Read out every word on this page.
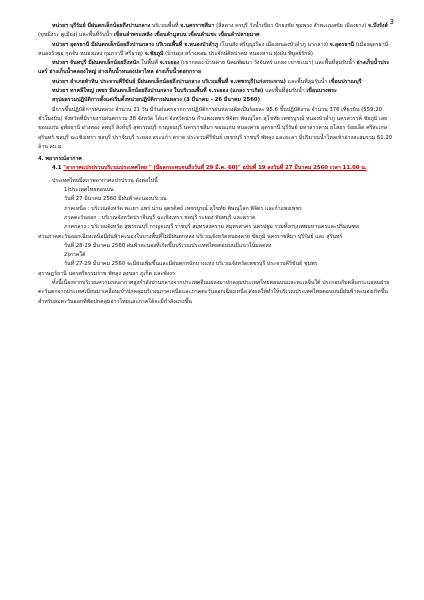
3

หน่วยฯ บุรีรัมย์ มีฝนตกเล็กน้อยถึงปานกลาง บริเวณพื้นที่ จ.นครราชสีมา (สีสลาง ครบุรี วังน้ำเขียว ปักธงชัย ชุมพวง สำพะแมสขัย เมืองยาง) จ.บึงรังส์ (ขุขมีงระ คูเมือง) และพื้นที่รับน้ำ เขื่อนลำพระเพลิง เขื่อนลำมูลบน เขื่อนลำแชะ เขื่อนลำปลายมาศ

หน่วยฯ อุดรธานี มีฝนตกเล็กน้อยถึงปานกลาง บริเวณพื้นที่ จ.หนองบัวลำภู (โนนสัง ศรีบุญเรือง เมืองหนองบัวลำภู นากลาง) จ.อุดรธานี (เมืองอุดรธานี หนองวัวซอ กุดจับ หนองแสง กุมภวาปี ศรีธาตุ) จ.ชัยภูมิ (บ้านดุง สร้างคอม ประจักษ์ศิลปาคม หนองหาน ทุ่งฝน พิบูลย์รักษ์)

หน่วยฯ จันทบุรี มีฝนตกเล็กน้อยถึงหนัก ในพื้นที่ จ.ระยอง (เขากลอง บ้านค่าย นิคมพัฒนา วังจันทร์ แกลง เขาชะเมา) และพื้นที่ลุ่มรับน้ำ อ่างเก็บน้ำประแสร์ อ่างเก็บน้ำคลองใหญ่ อ่างเก็บน้ำหนองปลาไหล อ่างเก็บน้ำดอกกราย

หน่วยฯ อำเภอหัวหิน ประจวบคีรีขันธ์ มีฝนตกเล็กน้อยถึงปานกลาง บริเวณพื้นที่ จ.เพชรบุรี(แก่งกระจาน) และพื้นที่ลุ่มรับน้ำ เขื่อนปราณบุรี

หน่วยฯ ทาคลีใหญ่ เพชร มีฝนตกเล็กน้อยถึงปานกลาง ในบริเวณพื้นที่ จ.ระยอง (แกลง ราเกิด) และพื้นที่ลุ่มรับน้ำ เขื่อนบางพระ

สรุปผลรวมปฏิบัติการตั้งแต่เริ่มตั้งหน่วยปฏิบัติการฝนหลวง (3 มีนาคม - 26 มีนาคม 2560)

มีการขึ้นปฏิบัติการฝนหลวง จำนวน 21 วัน มีวันฝนตกจากการปฏิบัติการฝนหลวงคิดเป็นร้อยละ 95.6 ขึ้นปฏิบัติงาน จำนวน 376 เที่ยวบิน (559:20 ชั่วโมงบิน) จังหวัดที่มีรายงานฝนตกรวม 38 จังหวัด ได้แก่ จังหวัดน่าน กำแพงเพชร พิจิตร พิษณุโลก สุโขทัย เพชรบูรณ์ หนองบัวลำภู นครสวรรค์ ชัยภูมิ เลย ขอนแก่น อุทัยธานี อ่างทอง ลพบุรี สิงห์บุรี สุพรรณบุรี กาญจนบุรี นครราชสีมา ขอนแก่น หนองคาย อุดรธานี บุรีรัมย์ มหาสารคาม ยโสธร ร้อยเอ็ด ศรีสะเกษ สุรินทร์ ชลบุรี ฉะเชิงเทรา ชลบุรี ปราจีนบุรี ระยอง สระแก้ว ตราด ประจวบคีรีขันธ์ เพชรบุรี ราชบุรี พัทลุง และยะลา มีปริมาณน้ำไหลเข้าอ่างสะสมรวม 61.20 ล้าน ลบ.ม.

4. พยากรณ์อากาศ

4.1 "อากาศแปรปรวนบริเวณประเทศไทย " (มีผลกระทบจนถึงวันที่ 29 มี.ค. 60)" ฉบับที่ 19 ลงวันที่ 27 มีนาคม 2560 เวลา 11.00 น.

ประเทศไทยมีสภาพอากาศแปรปรวน ดังต่อไปนี้

1)ประเทศไทยตอนบน

วันที่ 27 มีนาคม 2560 มีฝนฟ้าคะนองบริเวณ

ภาคเหนือ : บริเวณจังหวัด พะเยา แพร่ น่าน อุตรดิตถ์ เพชรบูรณ์ สุโขทัย พิษณุโลก พิจิตร และกำแพงเพชร

ภาคตะวันออก : บริเวณจังหวัดปราจีนบุรี ฉะเชิงเทรา ชลบุรี ระยอง จันทบุรี และตราด

ภาคกลาง : บริเวณจังหวัด สุพรรณบุรี กาญจนบุรี ราชบุรี สมุทรสงคราม สมุทรสาคร นครปฐม รวมทั้งกรุงเทพมหานครและปริมณฑล

ส่วนภาคตะวันออกเฉียงเหนือมีฝนฟ้าคะนองในบางพื้นที่ไม่มีฝนตกหลง บริเวณจังหวัดหนองคาย ชัยภูมิ นครราชสีมา บุรีรัมย์ และ สุรินทร์

วันที่ 28-29 มีนาคม 2560 ฝนฟ้าคะนองที่เกิดขึ้นบริเวณประเทศไทยตอนบนมีแนวโน้มลดลง

2)ภาคใต้

วันที่ 27-29 มีนาคม 2560 จะมีฝนเพิ่มขึ้นและมีฝนตกหนักบางแห่ง บริเวณจังหวัดเพชรบุรี ประจวบคีรีขันธ์ ชุมพร

สุราษฎร์ธานี นครศรีธรรมราช พัทลุง สงขลา ภูเก็ต และพังงา

ทั้งนี้เนื่องจากบริเวณความกดอากาศสูงกำลังปานกลางจากประเทศจีนแผ่ลงมาปกคลุมประเทศไทยตอนบนและทะเลจีนใต้ ประกอบกับคลื่นกระแสลมฝ่ายตะวันตกจากประเทศเมียนมาเคลื่อนเข้าปกคลุมบริเวณภาคเหนือและภาคตะวันออกเฉียงเหนือ ส่งผลให้ทำให้บริเวณประเทศไทยตอนบนมีฝนฟ้าคะนองเกิดขึ้น สำหรับลมตะวันออกที่พัดปกคลุมอ่าวไทยและภาคใต้จะมีกำลังแรงขึ้น
